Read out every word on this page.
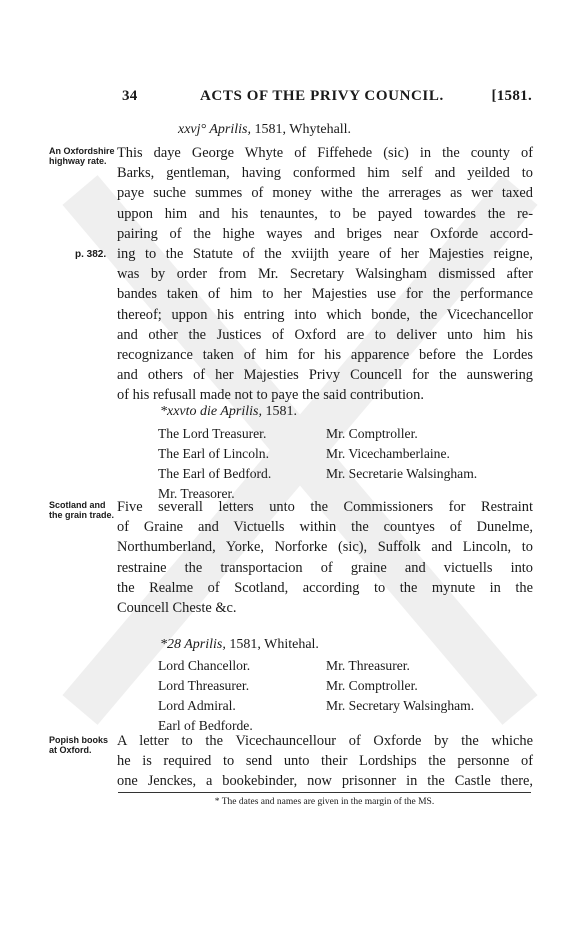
34	ACTS OF THE PRIVY COUNCIL.	[1581.
xxvj° Aprilis, 1581, Whytehall.
An Oxfordshire
highway rate.
p. 382.
This daye George Whyte of Fiffehede (sic) in the county of
Barks, gentleman, having conformed him self and yeilded to
paye suche summes of money withe the arrerages as wer taxed
uppon him and his tenauntes, to be payed towardes the re-
pairing of the highe wayes and briges near Oxforde accord-
ing to the Statute of the xviijth yeare of her Majesties reigne,
was by order from Mr. Secretary Walsingham dismissed after
bandes taken of him to her Majesties use for the performance
thereof; uppon his entring into which bonde, the Vicechancellor
and other the Justices of Oxford are to deliver unto him his
recognizance taken of him for his apparence before the Lordes
and others of her Majesties Privy Councell for the aunswering
of his refusall made not to paye the said contribution.
*xxvto die Aprilis, 1581.
The Lord Treasurer.
The Earl of Lincoln.
The Earl of Bedford.
Mr. Treasorer.
Mr. Comptroller.
Mr. Vicechamberlaine.
Mr. Secretarie Walsingham.
Scotland and
the grain trade. Five severall letters unto the Commissioners for Restraint
of Graine and Victuells within the countyes of Dunelme,
Northumberland, Yorke, Norforke (sic), Suffolk and Lincoln, to
restraine the transportacion of graine and victuells into
the Realme of Scotland, according to the mynute in the
Councell Cheste &c.
*28 Aprilis, 1581, Whitehal.
Lord Chancellor.
Lord Threasurer.
Lord Admiral.
Earl of Bedforde.
Mr. Threasurer.
Mr. Comptroller.
Mr. Secretary Walsingham.
Popish books
at Oxford.
A letter to the Vicechauncellour of Oxforde by the whiche
he is required to send unto their Lordships the personne of
one Jenckes, a bookebinder, now prisonner in the Castle there,
* The dates and names are given in the margin of the MS.
